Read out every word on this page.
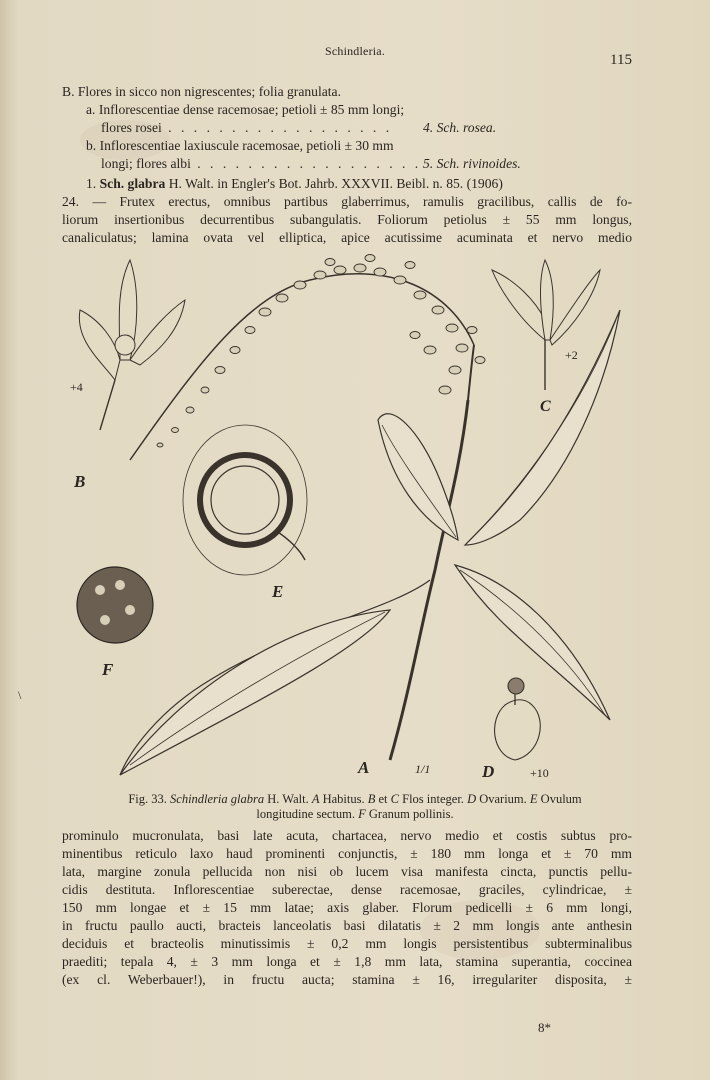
Schindleria.
115
B. Flores in sicco non nigrescentes; folia granulata.
a. Inflorescentiae dense racemosae; petioli ± 85 mm longi;
flores rosei . . . . . . . . . . . . . . . . . . 4. Sch. rosea.
b. Inflorescentiae laxiuscule racemosae, petioli ± 30 mm
longi; flores albi . . . . . . . . . . . . . . . . . . 5. Sch. rivinoides.
1. Sch. glabra H. Walt. in Engler's Bot. Jahrb. XXXVII. Beibl. n. 85. (1906)
24. — Frutex erectus, omnibus partibus glaberrimus, ramulis gracilibus, callis de fo-
liorum insertionibus decurrentibus subangulatis. Foliorum petiolus ± 55 mm longus,
canaliculatus; lamina ovata vel elliptica, apice acutissime acuminata et nervo medio
B
+4
C
+2
E
F
A	1/1	D	+10
Fig. 33. Schindleria glabra H. Walt. A Habitus. B et C Flos integer. D Ovarium. E Ovulum
longitudine sectum. F Granum pollinis.
prominulo mucronulata, basi late acuta, chartacea, nervo medio et costis subtus pro-
minentibus reticulo laxo haud prominenti conjunctis, ± 180 mm longa et ± 70 mm
lata, margine zonula pellucida non nisi ob lucem visa manifesta cincta, punctis pellu-
cidis destituta. Inflorescentiae suberectae, dense racemosae, graciles, cylindricae, ±
150 mm longae et ± 15 mm latae; axis glaber. Florum pedicelli ± 6 mm longi,
in fructu paullo aucti, bracteis lanceolatis basi dilatatis ± 2 mm longis ante anthesin
deciduis et bracteolis minutissimis ± 0,2 mm longis persistentibus subterminalibus
praediti; tepala 4, ± 3 mm longa et ± 1,8 mm lata, stamina superantia, coccinea
(ex cl. Weberbauer!), in fructu aucta; stamina ± 16, irregulariter disposita, ±
8*
\
